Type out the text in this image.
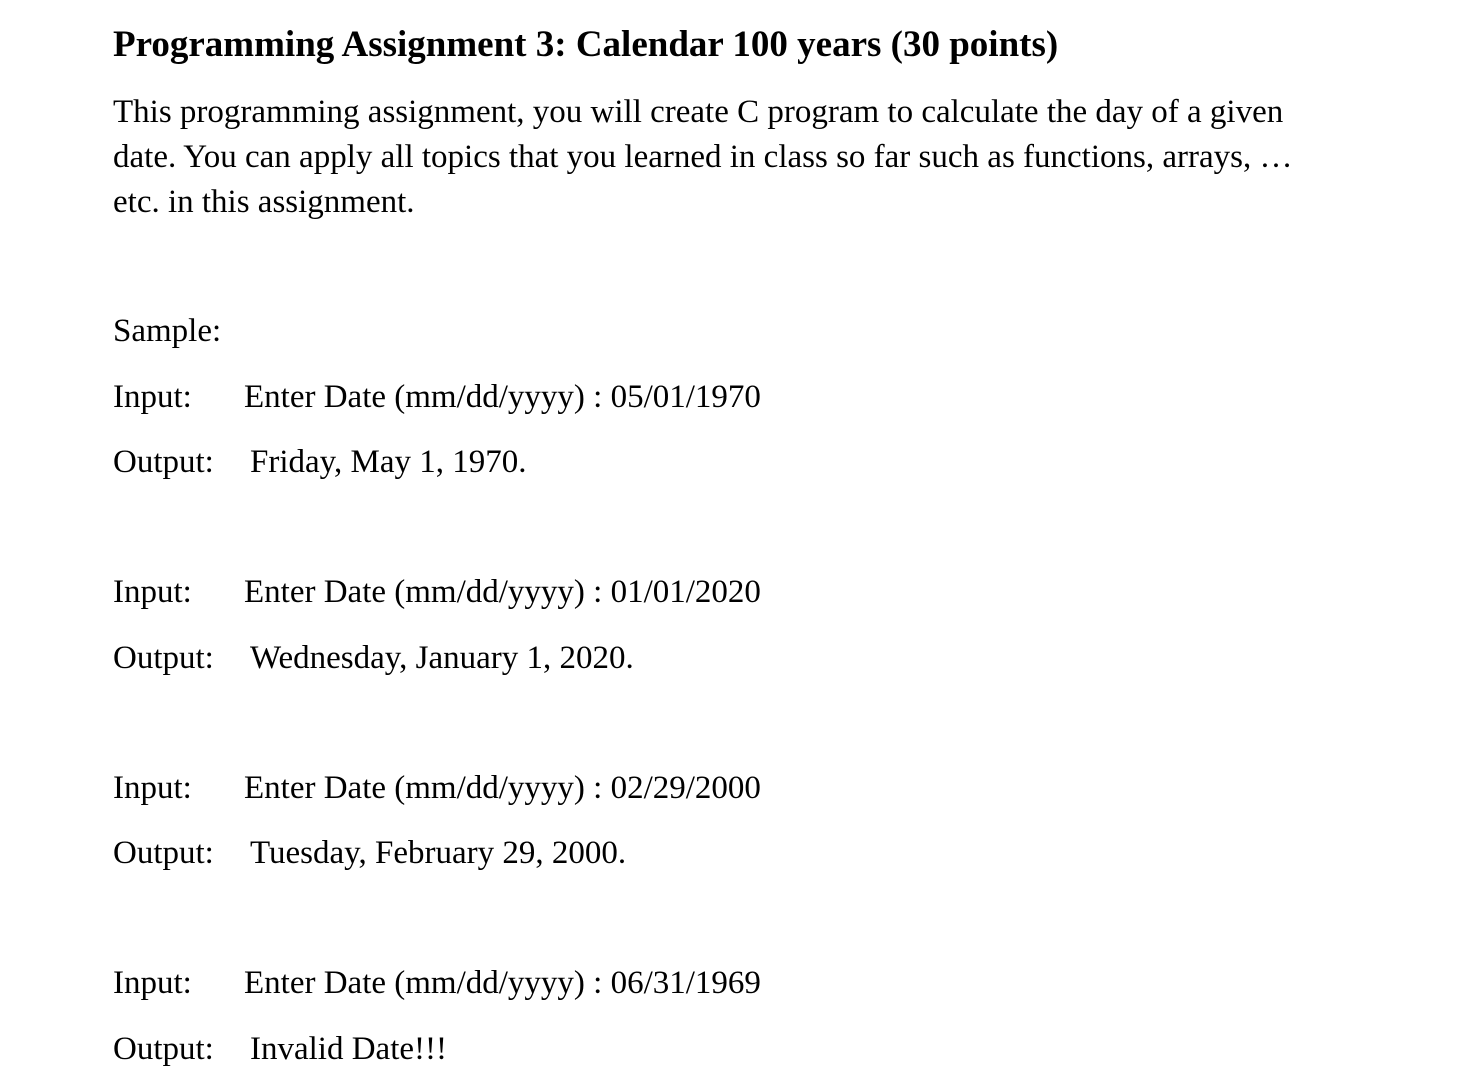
Programming Assignment 3: Calendar 100 years (30 points)

This programming assignment, you will create C program to calculate the day of a given date. You can apply all topics that you learned in class so far such as functions, arrays, … etc. in this assignment.

Sample:
Input: Enter Date (mm/dd/yyyy) : 05/01/1970
Output: Friday, May 1, 1970.
Input: Enter Date (mm/dd/yyyy) : 01/01/2020
Output: Wednesday, January 1, 2020.
Input: Enter Date (mm/dd/yyyy) : 02/29/2000
Output: Tuesday, February 29, 2000.
Input: Enter Date (mm/dd/yyyy) : 06/31/1969
Output: Invalid Date!!!
